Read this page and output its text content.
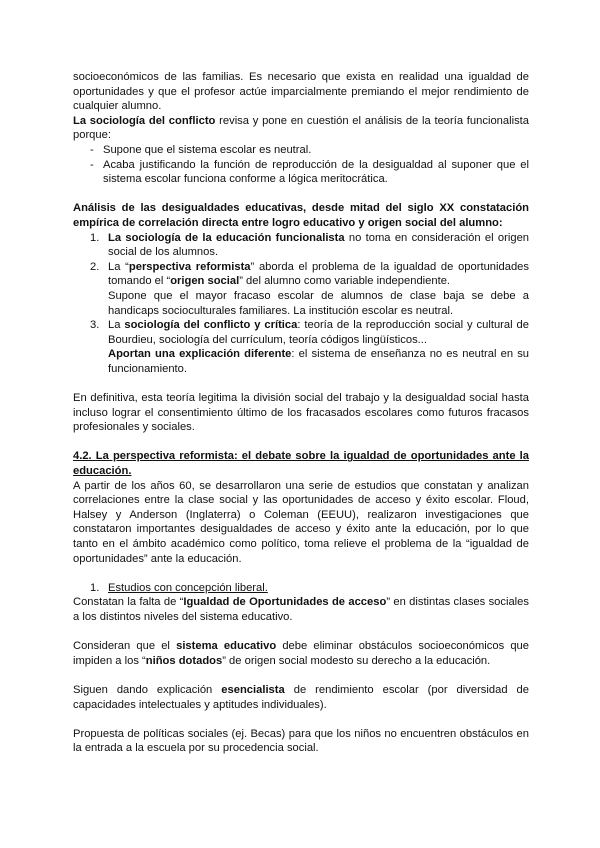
socioeconómicos de las familias. Es necesario que exista en realidad una igualdad de oportunidades y que el profesor actúe imparcialmente premiando el mejor rendimiento de cualquier alumno.

La sociología del conflicto revisa y pone en cuestión el análisis de la teoría funcionalista porque:

- Supone que el sistema escolar es neutral.
- Acaba justificando la función de reproducción de la desigualdad al suponer que el sistema escolar funciona conforme a lógica meritocrática.

Análisis de las desigualdades educativas, desde mitad del siglo XX constatación empírica de correlación directa entre logro educativo y origen social del alumno:

1. La sociología de la educación funcionalista no toma en consideración el origen social de los alumnos.
2. La “perspectiva reformista” aborda el problema de la igualdad de oportunidades tomando el “origen social” del alumno como variable independiente.
Supone que el mayor fracaso escolar de alumnos de clase baja se debe a handicaps socioculturales familiares. La institución escolar es neutral.
3. La sociología del conflicto y crítica: teoría de la reproducción social y cultural de Bourdieu, sociología del currículum, teoría códigos lingüísticos...
Aportan una explicación diferente: el sistema de enseñanza no es neutral en su funcionamiento.

En definitiva, esta teoría legitima la división social del trabajo y la desigualdad social hasta incluso lograr el consentimiento último de los fracasados escolares como futuros fracasos profesionales y sociales.

4.2. La perspectiva reformista: el debate sobre la igualdad de oportunidades ante la educación.

A partir de los años 60, se desarrollaron una serie de estudios que constatan y analizan correlaciones entre la clase social y las oportunidades de acceso y éxito escolar. Floud, Halsey y Anderson (Inglaterra) o Coleman (EEUU), realizaron investigaciones que constataron importantes desigualdades de acceso y éxito ante la educación, por lo que tanto en el ámbito académico como político, toma relieve el problema de la “igualdad de oportunidades” ante la educación.

1. Estudios con concepción liberal.

Constatan la falta de “Igualdad de Oportunidades de acceso” en distintas clases sociales a los distintos niveles del sistema educativo.

Consideran que el sistema educativo debe eliminar obstáculos socioeconómicos que impiden a los “niños dotados” de origen social modesto su derecho a la educación.

Siguen dando explicación esencialista de rendimiento escolar (por diversidad de capacidades intelectuales y aptitudes individuales).

Propuesta de políticas sociales (ej. Becas) para que los niños no encuentren obstáculos en la entrada a la escuela por su procedencia social.
